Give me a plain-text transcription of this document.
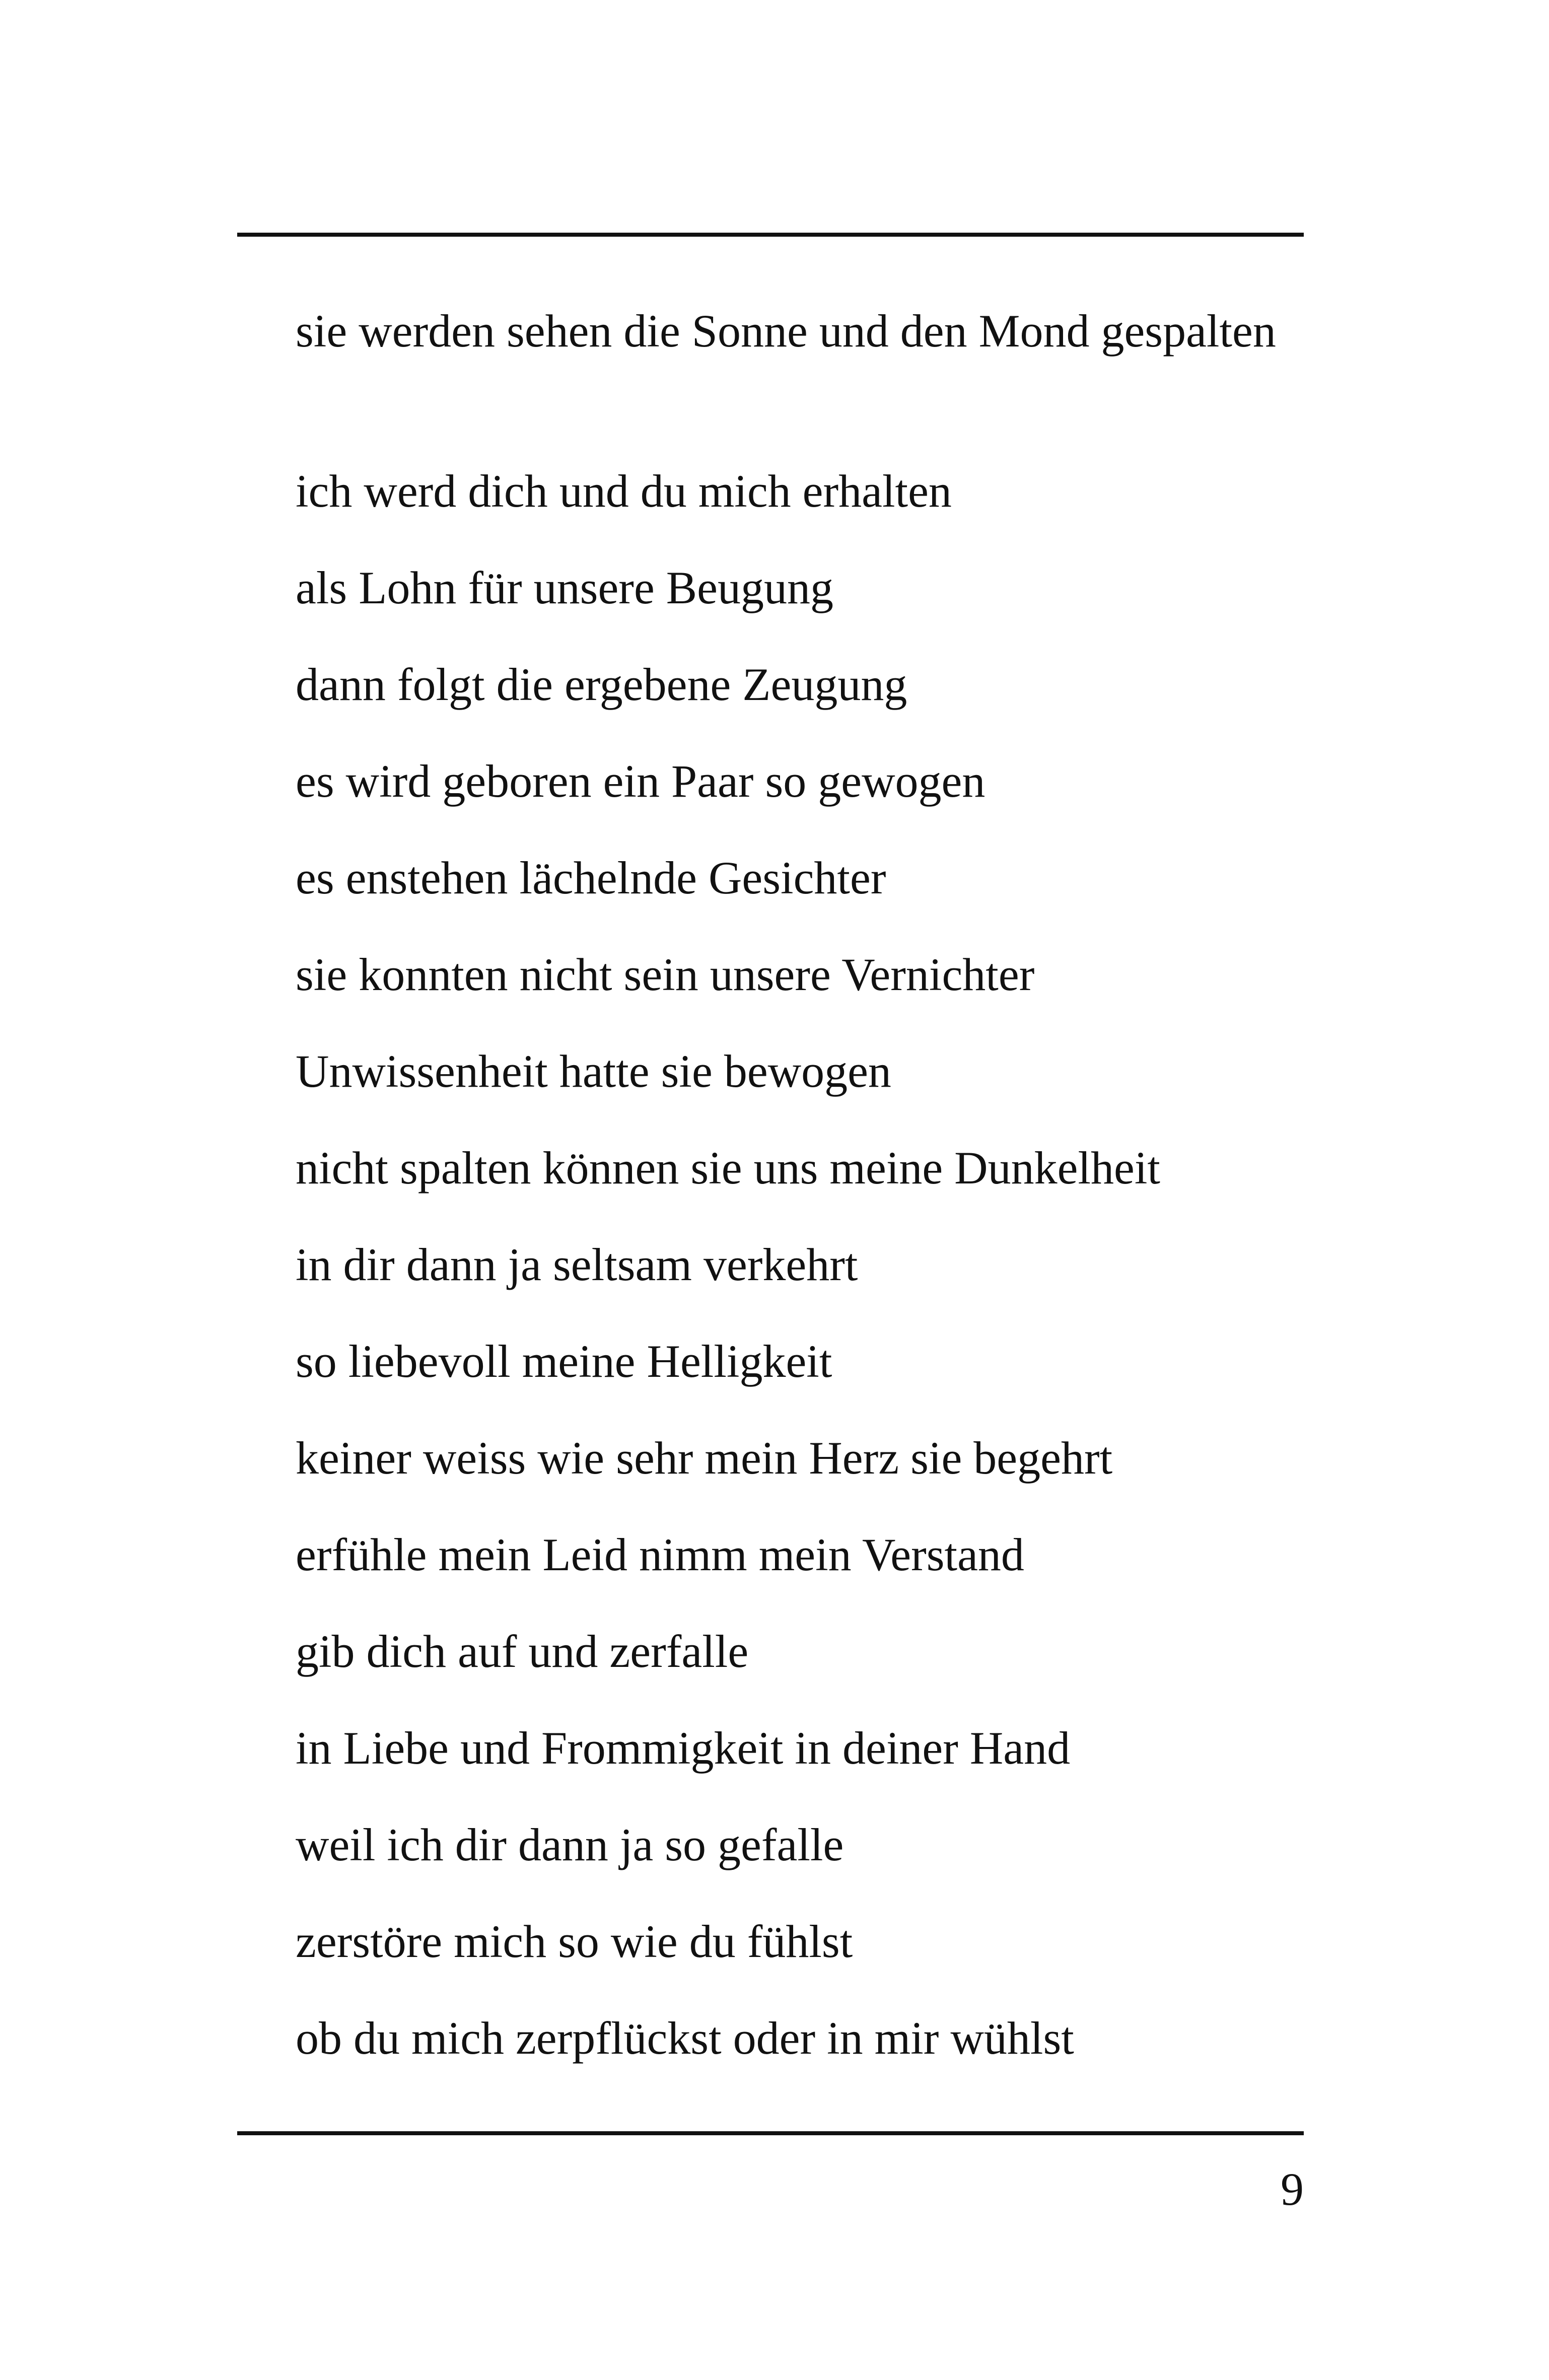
sie werden sehen die Sonne und den Mond gespalten
ich werd dich und du mich erhalten
als Lohn für unsere Beugung
dann folgt die ergebene Zeugung
es wird geboren ein Paar so gewogen
es enstehen lächelnde Gesichter
sie konnten nicht sein unsere Vernichter
Unwissenheit hatte sie bewogen
nicht spalten können sie uns meine Dunkelheit
in dir dann ja seltsam verkehrt
so liebevoll meine Helligkeit
keiner weiss wie sehr mein Herz sie begehrt
erfühle mein Leid nimm mein Verstand
gib dich auf und zerfalle
in Liebe und Frommigkeit in deiner Hand
weil ich dir dann ja so gefalle
zerstöre mich so wie du fühlst
ob du mich zerpflückst oder in mir wühlst
9
